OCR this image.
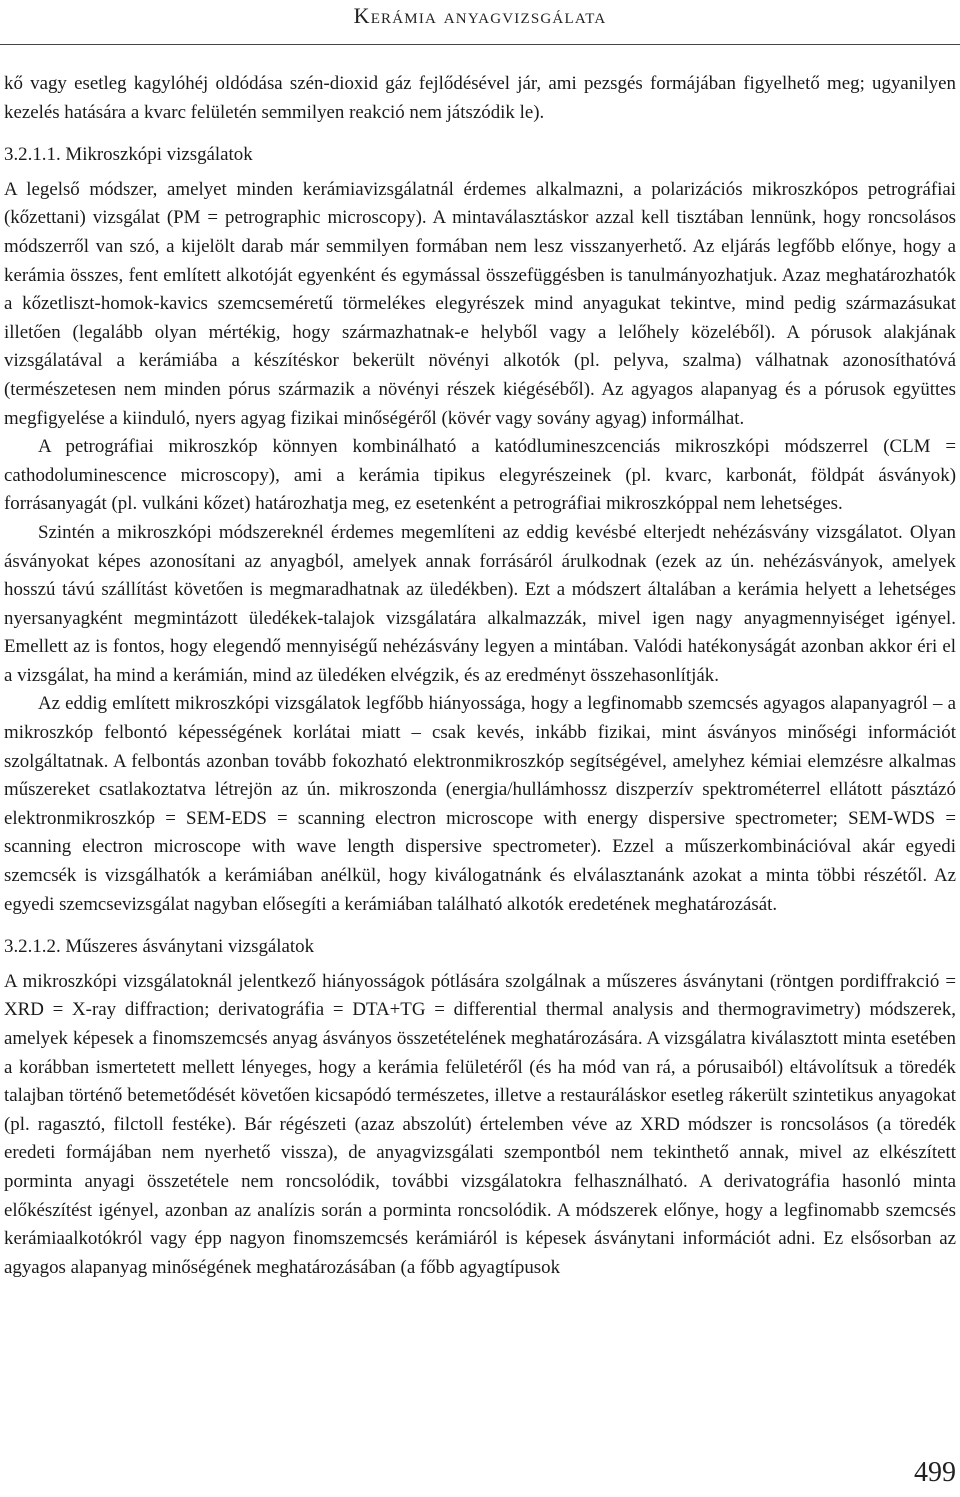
Kerámia anyagvizsgálata

kő vagy esetleg kagylóhéj oldódása szén-dioxid gáz fejlődésével jár, ami pezsgés formájában figyelhető meg; ugyanilyen kezelés hatására a kvarc felületén semmilyen reakció nem játszódik le).

3.2.1.1. Mikroszkópi vizsgálatok

A legelső módszer, amelyet minden kerámiavizsgálatnál érdemes alkalmazni, a polarizációs mikroszkópos petrográfiai (kőzettani) vizsgálat (PM = petrographic microscopy). A mintaválasztáskor azzal kell tisztában lennünk, hogy roncsolásos módszerről van szó, a kijelölt darab már semmilyen formában nem lesz visszanyerhető. Az eljárás legfőbb előnye, hogy a kerámia összes, fent említett alkotóját egyenként és egymással összefüggésben is tanulmányozhatjuk. Azaz meghatározhatók a kőzetliszt-homok-kavics szemcseméretű törmelékes elegyrészek mind anyagukat tekintve, mind pedig származásukat illetően (legalább olyan mértékig, hogy származhatnak-e helyből vagy a lelőhely közeléből). A pórusok alakjának vizsgálatával a kerámiába a készítéskor bekerült növényi alkotók (pl. pelyva, szalma) válhatnak azonosíthatóvá (természetesen nem minden pórus származik a növényi részek kiégéséből). Az agyagos alapanyag és a pórusok együttes megfigyelése a kiinduló, nyers agyag fizikai minőségéről (kövér vagy sovány agyag) informálhat.

A petrográfiai mikroszkóp könnyen kombinálható a katódlumineszcenciás mikroszkópi módszerrel (CLM = cathodoluminescence microscopy), ami a kerámia tipikus elegyrészeinek (pl. kvarc, karbonát, földpát ásványok) forrásanyagát (pl. vulkáni kőzet) határozhatja meg, ez esetenként a petrográfiai mikroszkóppal nem lehetséges.

Szintén a mikroszkópi módszereknél érdemes megemlíteni az eddig kevésbé elterjedt nehézásvány vizsgálatot. Olyan ásványokat képes azonosítani az anyagból, amelyek annak forrásáról árulkodnak (ezek az ún. nehézásványok, amelyek hosszú távú szállítást követően is megmaradhatnak az üledékben). Ezt a módszert általában a kerámia helyett a lehetséges nyersanyagként megmintázott üledékek-talajok vizsgálatára alkalmazzák, mivel igen nagy anyagmennyiséget igényel. Emellett az is fontos, hogy elegendő mennyiségű nehézásvány legyen a mintában. Valódi hatékonyságát azonban akkor éri el a vizsgálat, ha mind a kerámián, mind az üledéken elvégzik, és az eredményt összehasonlítják.

Az eddig említett mikroszkópi vizsgálatok legfőbb hiányossága, hogy a legfinomabb szemcsés agyagos alapanyagról – a mikroszkóp felbontó képességének korlátai miatt – csak kevés, inkább fizikai, mint ásványos minőségi információt szolgáltatnak. A felbontás azonban tovább fokozható elektronmikroszkóp segítségével, amelyhez kémiai elemzésre alkalmas műszereket csatlakoztatva létrejön az ún. mikroszonda (energia/hullámhossz diszperzív spektrométerrel ellátott pásztázó elektronmikroszkóp = SEM-EDS = scanning electron microscope with energy dispersive spectrometer; SEM-WDS = scanning electron microscope with wave length dispersive spectrometer). Ezzel a műszerkombinációval akár egyedi szemcsék is vizsgálhatók a kerámiában anélkül, hogy kiválogatnánk és elválasztanánk azokat a minta többi részétől. Az egyedi szemcsevizsgálat nagyban elősegíti a kerámiában található alkotók eredetének meghatározását.

3.2.1.2. Műszeres ásványtani vizsgálatok

A mikroszkópi vizsgálatoknál jelentkező hiányosságok pótlására szolgálnak a műszeres ásványtani (röntgen pordiffrakció = XRD = X-ray diffraction; derivatográfia = DTA+TG = differential thermal analysis and thermogravimetry) módszerek, amelyek képesek a finomszemcsés anyag ásványos összetételének meghatározására. A vizsgálatra kiválasztott minta esetében a korábban ismertetett mellett lényeges, hogy a kerámia felületéről (és ha mód van rá, a pórusaiból) eltávolítsuk a töredék talajban történő betemetődését követően kicsapódó természetes, illetve a restauráláskor esetleg rákerült szintetikus anyagokat (pl. ragasztó, filctoll festéke). Bár régészeti (azaz abszolút) értelemben véve az XRD módszer is roncsolásos (a töredék eredeti formájában nem nyerhető vissza), de anyagvizsgálati szempontból nem tekinthető annak, mivel az elkészített porminta anyagi összetétele nem roncsolódik, további vizsgálatokra felhasználható. A derivatográfia hasonló minta előkészítést igényel, azonban az analízis során a porminta roncsolódik. A módszerek előnye, hogy a legfinomabb szemcsés kerámiaalkotókról vagy épp nagyon finomszemcsés kerámiáról is képesek ásványtani információt adni. Ez elsősorban az agyagos alapanyag minőségének meghatározásában (a főbb agyagtípusok

499
